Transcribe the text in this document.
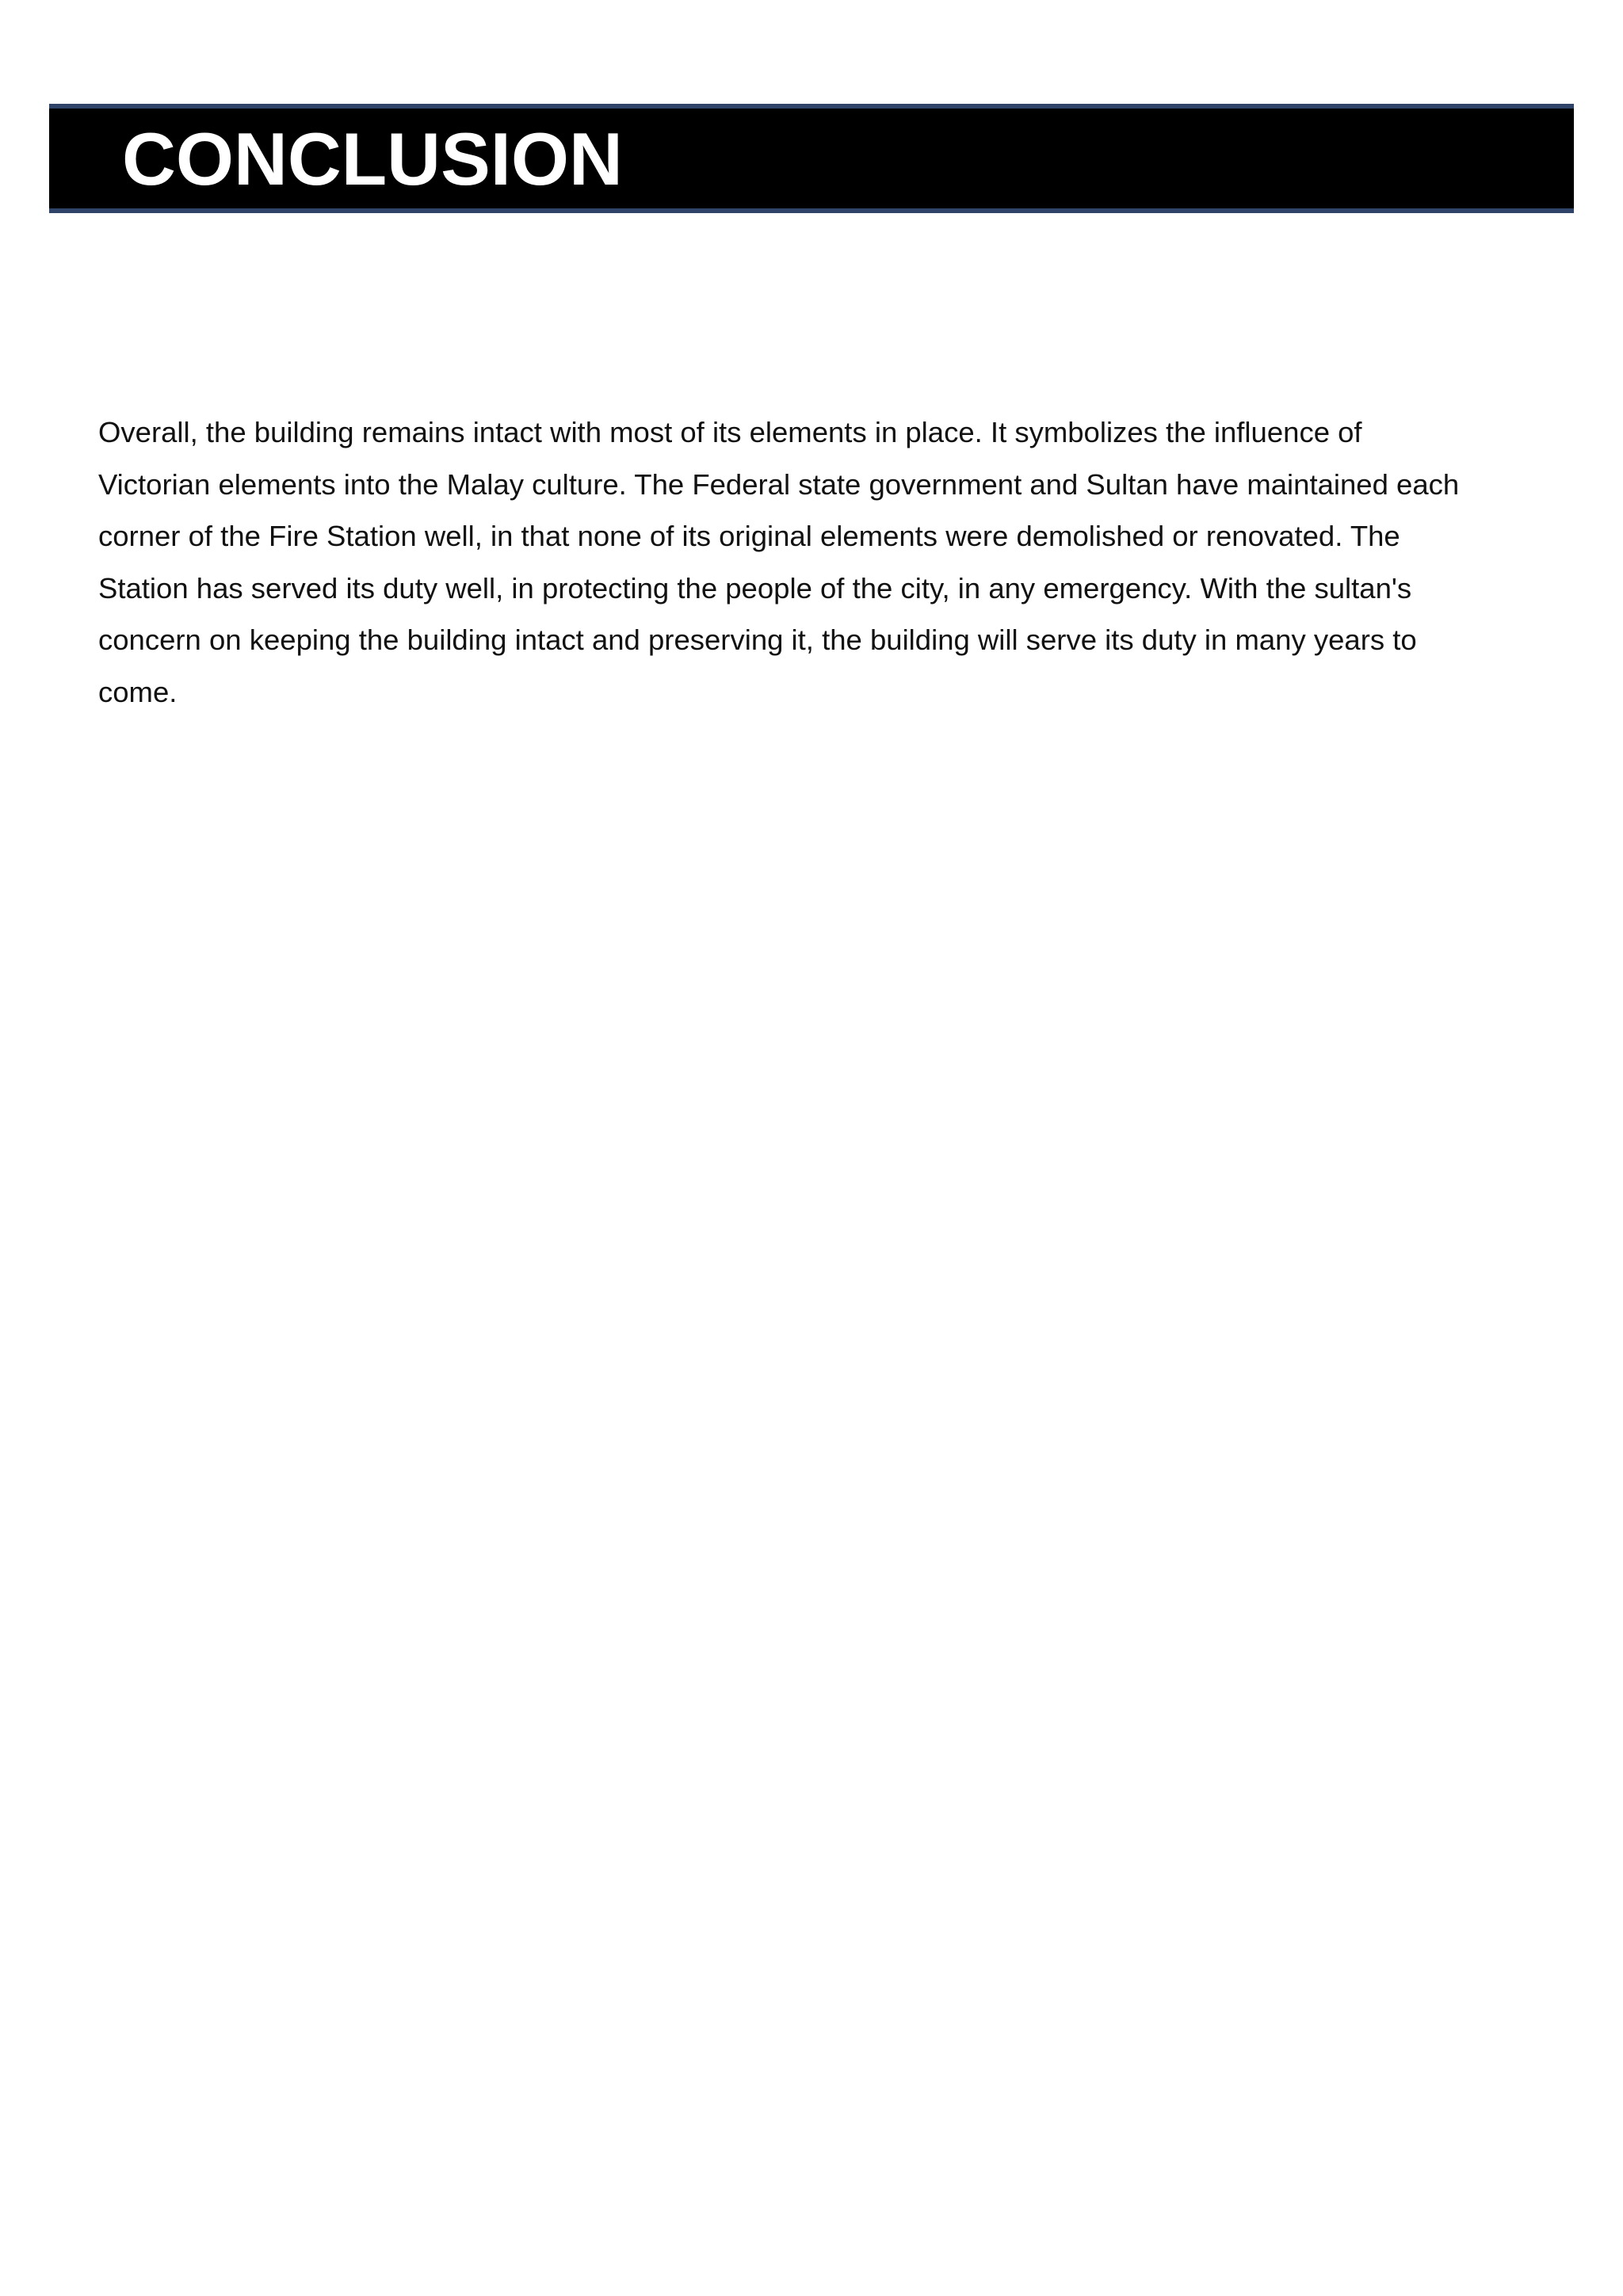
CONCLUSION

Overall, the building remains intact with most of its elements in place. It symbolizes the influence of
Victorian elements into the Malay culture. The Federal state government and Sultan have maintained each
corner of the Fire Station well, in that none of its original elements were demolished or renovated. The
Station has served its duty well, in protecting the people of the city, in any emergency. With the sultan's
concern on keeping the building intact and preserving it, the building will serve its duty in many years to
come.
